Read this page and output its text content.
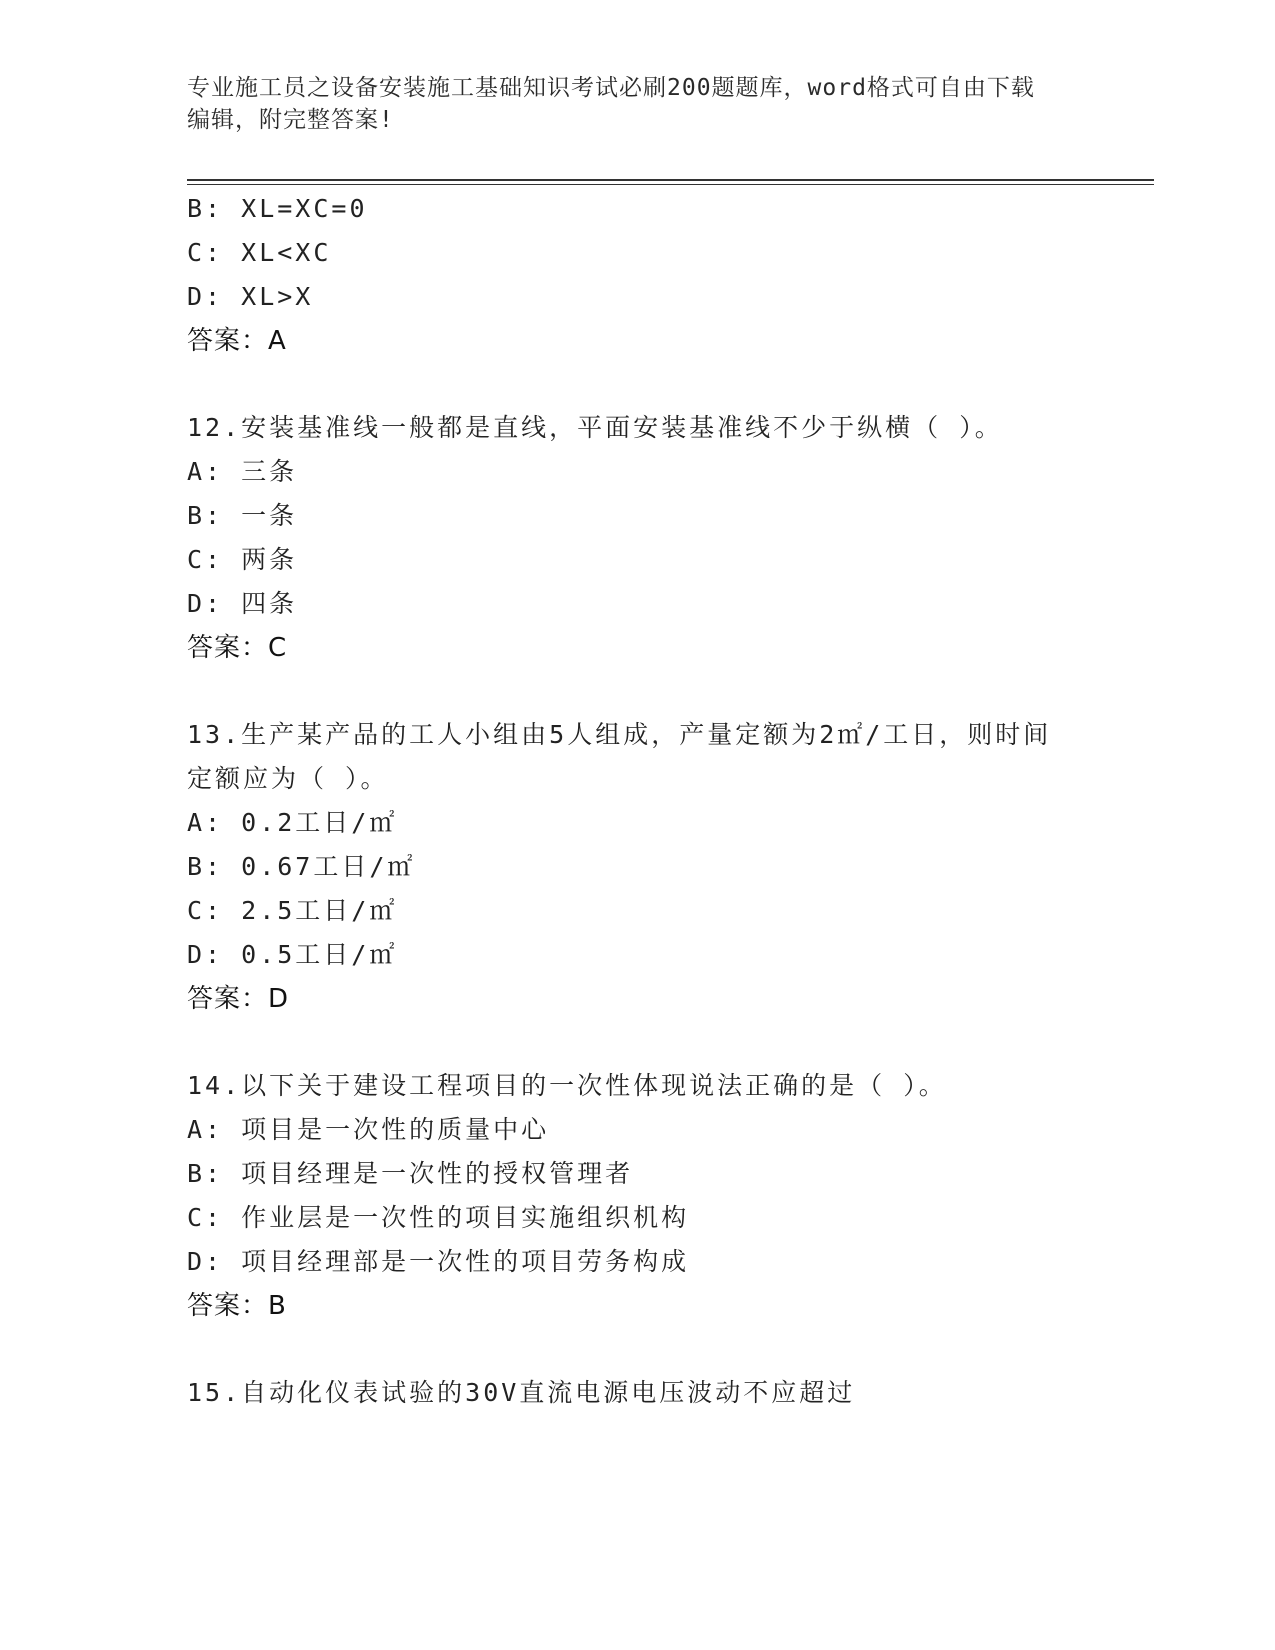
专业施工员之设备安装施工基础知识考试必刷200题题库，word格式可自由下载
编辑，附完整答案!
B: XL=XC=0
C: XL<XC
D: XL>X
答案：A
12.安装基准线一般都是直线，平面安装基准线不少于纵横（ ）。
A: 三条
B: 一条
C: 两条
D: 四条
答案：C
13.生产某产品的工人小组由5人组成，产量定额为2㎡/工日，则时间
定额应为（ ）。
A: 0.2工日/㎡
B: 0.67工日/㎡
C: 2.5工日/㎡
D: 0.5工日/㎡
答案：D
14.以下关于建设工程项目的一次性体现说法正确的是（ ）。
A: 项目是一次性的质量中心
B: 项目经理是一次性的授权管理者
C: 作业层是一次性的项目实施组织机构
D: 项目经理部是一次性的项目劳务构成
答案：B
15.自动化仪表试验的30V直流电源电压波动不应超过
